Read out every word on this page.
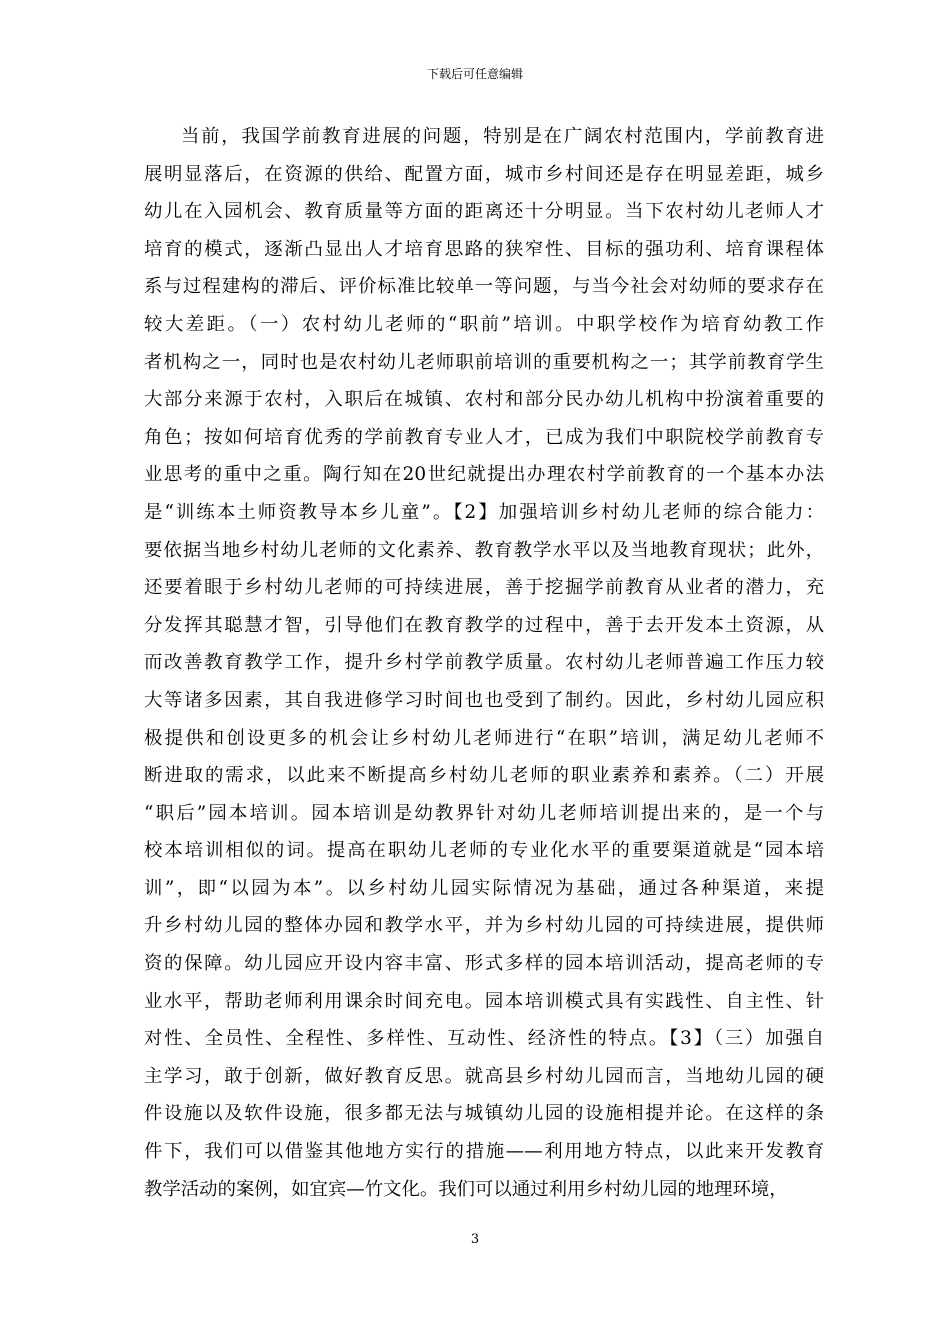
下载后可任意编辑
当前，我国学前教育进展的问题，特别是在广阔农村范围内，学前教育进
展明显落后，在资源的供给、配置方面，城市乡村间还是存在明显差距，城乡
幼儿在入园机会、教育质量等方面的距离还十分明显。当下农村幼儿老师人才
培育的模式，逐渐凸显出人才培育思路的狭窄性、目标的强功利、培育课程体
系与过程建构的滞后、评价标准比较单一等问题，与当今社会对幼师的要求存在
较大差距。（一）农村幼儿老师的“职前”培训。中职学校作为培育幼教工作
者机构之一，同时也是农村幼儿老师职前培训的重要机构之一；其学前教育学生
大部分来源于农村，入职后在城镇、农村和部分民办幼儿机构中扮演着重要的
角色；按如何培育优秀的学前教育专业人才，已成为我们中职院校学前教育专
业思考的重中之重。陶行知在20世纪就提出办理农村学前教育的一个基本办法
是“训练本土师资教导本乡儿童”。【2】加强培训乡村幼儿老师的综合能力：
要依据当地乡村幼儿老师的文化素养、教育教学水平以及当地教育现状；此外，
还要着眼于乡村幼儿老师的可持续进展，善于挖掘学前教育从业者的潜力，充
分发挥其聪慧才智，引导他们在教育教学的过程中，善于去开发本土资源，从
而改善教育教学工作，提升乡村学前教学质量。农村幼儿老师普遍工作压力较
大等诸多因素，其自我进修学习时间也也受到了制约。因此，乡村幼儿园应积
极提供和创设更多的机会让乡村幼儿老师进行“在职”培训，满足幼儿老师不
断进取的需求，以此来不断提高乡村幼儿老师的职业素养和素养。（二）开展
“职后”园本培训。园本培训是幼教界针对幼儿老师培训提出来的，是一个与
校本培训相似的词。提高在职幼儿老师的专业化水平的重要渠道就是“园本培
训”，即“以园为本”。以乡村幼儿园实际情况为基础，通过各种渠道，来提
升乡村幼儿园的整体办园和教学水平，并为乡村幼儿园的可持续进展，提供师
资的保障。幼儿园应开设内容丰富、形式多样的园本培训活动，提高老师的专
业水平，帮助老师利用课余时间充电。园本培训模式具有实践性、自主性、针
对性、全员性、全程性、多样性、互动性、经济性的特点。【3】（三）加强自
主学习，敢于创新，做好教育反思。就高县乡村幼儿园而言，当地幼儿园的硬
件设施以及软件设施，很多都无法与城镇幼儿园的设施相提并论。在这样的条
件下，我们可以借鉴其他地方实行的措施——利用地方特点，以此来开发教育
教学活动的案例，如宜宾—竹文化。我们可以通过利用乡村幼儿园的地理环境，
3
